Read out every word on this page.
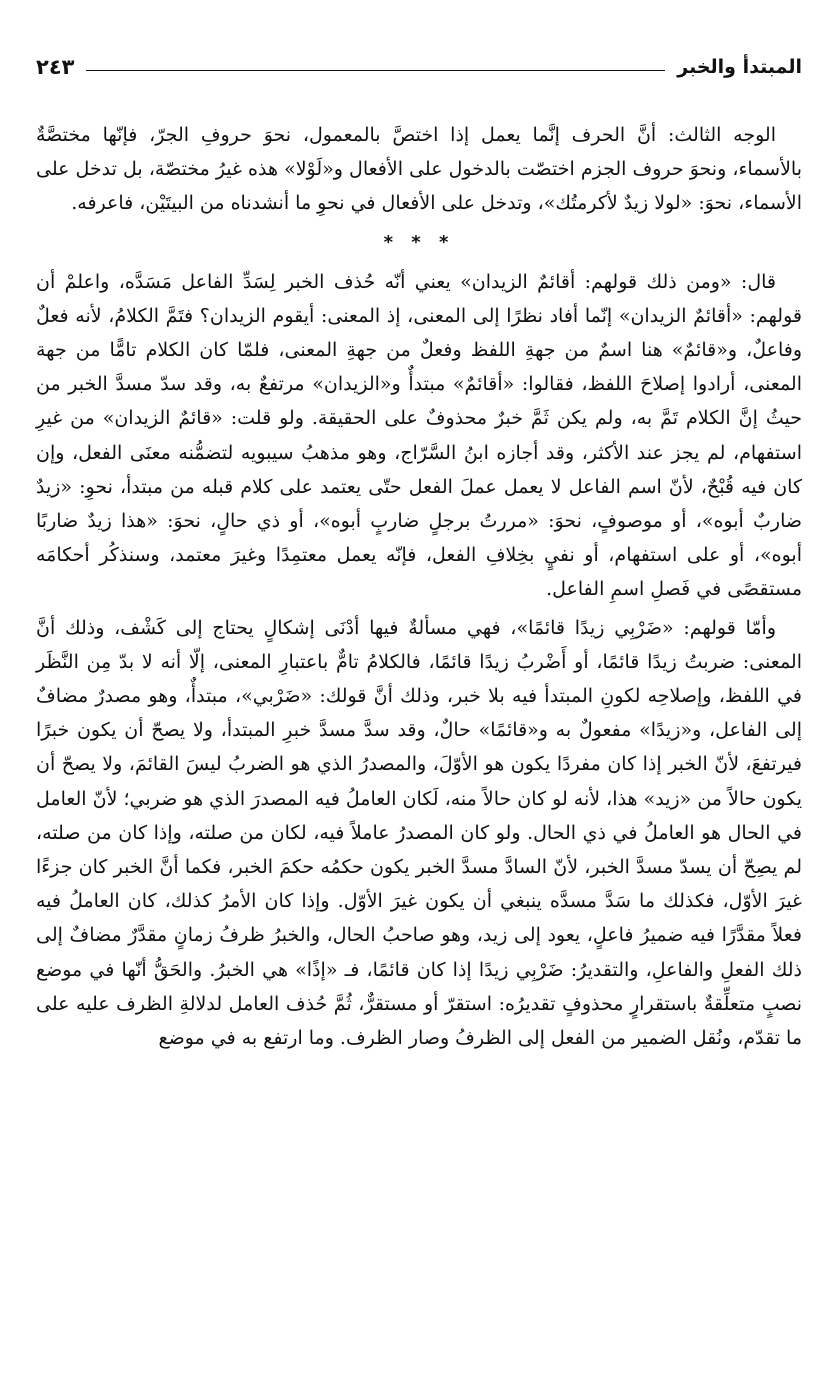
المبتدأ والخبر
٢٤٣

الوجه الثالث: أنَّ الحرف إنَّما يعمل إذا اختصَّ بالمعمول، نحوَ حروفِ الجرّ، فإنّها مختصَّةٌ بالأسماء، ونحوَ حروف الجزم اختصّت بالدخول على الأفعال و«لَوْلا» هذه غيرُ مختصّة، بل تدخل على الأسماء، نحوَ: «لولا زيدٌ لأكرمتُك»، وتدخل على الأفعال في نحوِ ما أنشدناه من البيتَيْن، فاعرفه.

* * *

قال: «ومن ذلك قولهم: أقائمٌ الزيدان» يعني أنّه حُذف الخبر لِسَدِّ الفاعل مَسَدَّه، واعلمْ أن قولهم: «أقائمٌ الزيدان» إنّما أفاد نظرًا إلى المعنى، إذ المعنى: أيقوم الزيدان؟ فتَمَّ الكلامُ، لأنه فعلٌ وفاعلٌ، و«قائمٌ» هنا اسمٌ من جهةِ اللفظ وفعلٌ من جهةِ المعنى، فلمّا كان الكلام تامًّا من جهة المعنى، أرادوا إصلاحَ اللفظ، فقالوا: «أقائمٌ» مبتدأٌ و«الزيدان» مرتفعٌ به، وقد سدّ مسدَّ الخبر من حيثُ إنَّ الكلام تَمَّ به، ولم يكن ثَمَّ خبرٌ محذوفٌ على الحقيقة. ولو قلت: «قائمٌ الزيدان» من غيرِ استفهام، لم يجز عند الأكثر، وقد أجازه ابنُ السَّرّاج، وهو مذهبُ سيبويه لتضمُّنه معنَى الفعل، وإن كان فيه قُبْحٌ، لأنّ اسم الفاعل لا يعمل عملَ الفعل حتّى يعتمد على كلام قبله من مبتدأ، نحوِ: «زيدٌ ضاربٌ أبوه»، أو موصوفٍ، نحوَ: «مررتُ برجلٍ ضاربٍ أبوه»، أو ذي حالٍ، نحوَ: «هذا زيدٌ ضاربًا أبوه»، أو على استفهام، أو نفيٍ بخِلافِ الفعل، فإنّه يعمل معتمِدًا وغيرَ معتمد، وسنذكُر أحكامَه مستقصًى في فَصلِ اسمِ الفاعل.

وأمّا قولهم: «ضَرْبِي زيدًا قائمًا»، فهي مسألةٌ فيها أدْنَى إشكالٍ يحتاج إلى كَشْف، وذلك أنَّ المعنى: ضربتُ زيدًا قائمًا، أو أَضْربُ زيدًا قائمًا، فالكلامُ تامٌّ باعتبارِ المعنى، إلّا أنه لا بدّ مِن النَّظَر في اللفظ، وإصلاحِه لكونِ المبتدأ فيه بلا خبر، وذلك أنَّ قولك: «ضَرْبي»، مبتدأٌ، وهو مصدرٌ مضافٌ إلى الفاعل، و«زيدًا» مفعولٌ به و«قائمًا» حالٌ، وقد سدَّ مسدَّ خبرِ المبتدأ، ولا يصحّ أن يكون خبرًا فيرتفعَ، لأنّ الخبر إذا كان مفردًا يكون هو الأوّلَ، والمصدرُ الذي هو الضربُ ليسَ القائمَ، ولا يصحّ أن يكون حالاً من «زيد» هذا، لأنه لو كان حالاً منه، لَكان العاملُ فيه المصدرَ الذي هو ضربي؛ لأنّ العامل في الحال هو العاملُ في ذي الحال. ولو كان المصدرُ عاملاً فيه، لكان من صلته، وإذا كان من صلته، لم يصِحّ أن يسدّ مسدَّ الخبر، لأنّ السادَّ مسدَّ الخبر يكون حكمُه حكمَ الخبر، فكما أنَّ الخبر كان جزءًا غيرَ الأوّل، فكذلك ما سَدَّ مسدَّه ينبغي أن يكون غيرَ الأوّل. وإذا كان الأمرُ كذلك، كان العاملُ فيه فعلاً مقدَّرًا فيه ضميرُ فاعلٍ، يعود إلى زيد، وهو صاحبُ الحال، والخبرُ ظرفُ زمانٍ مقدَّرٌ مضافٌ إلى ذلك الفعلِ والفاعلِ، والتقديرُ: ضَرْبِي زيدًا إذا كان قائمًا، فـ «إذًا» هي الخبرُ. والحَقُّ أنّها في موضع نصبٍ متعلِّقةٌ باستقرارٍ محذوفٍ تقديرُه: استقرّ أو مستقرٌّ، ثُمَّ حُذف العامل لدلالةِ الظرف عليه على ما تقدّم، ونُقل الضمير من الفعل إلى الظرفُ وصار الظرف. وما ارتفع به في موضع
